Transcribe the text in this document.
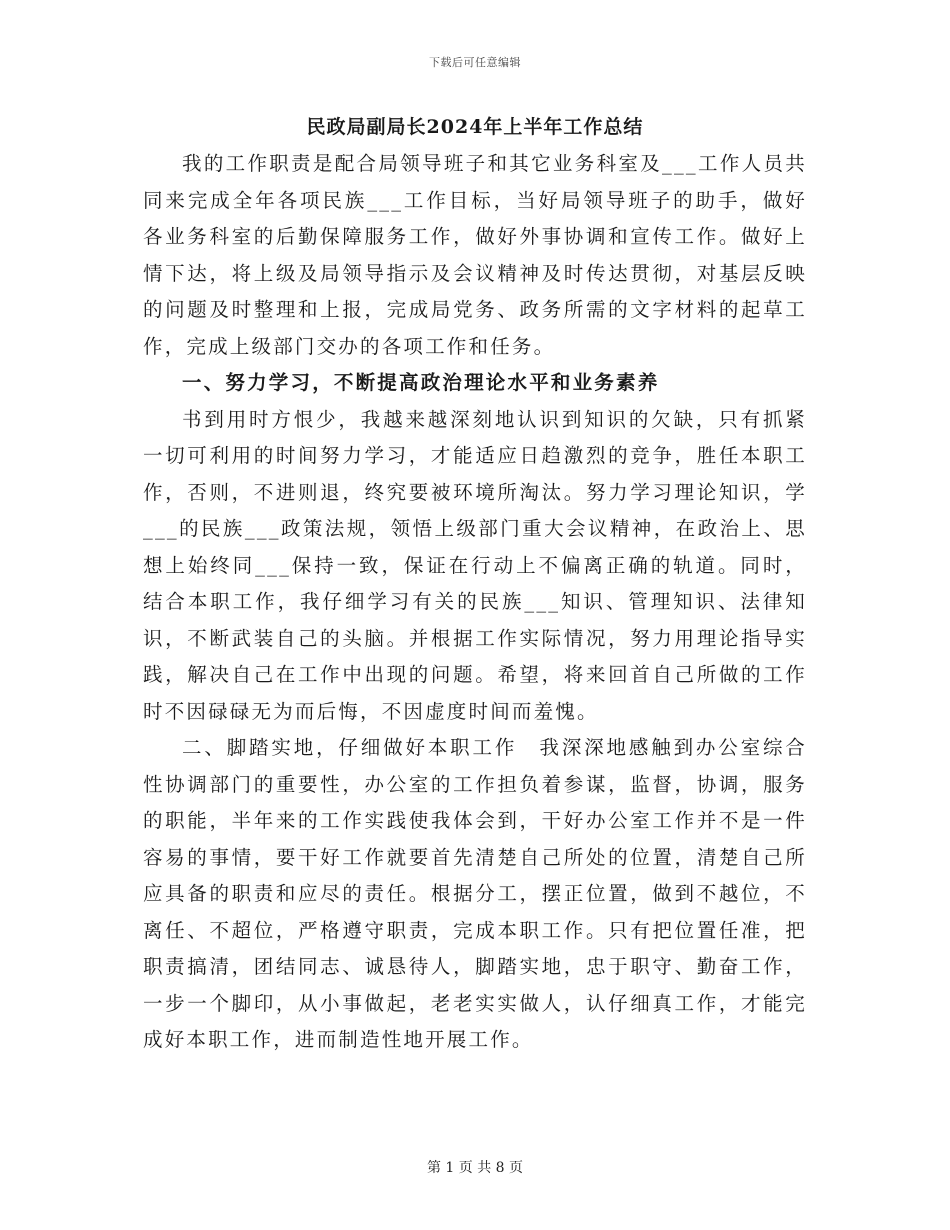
下载后可任意编辑
民政局副局长2024年上半年工作总结

我的工作职责是配合局领导班子和其它业务科室及___工作人员共同来完成全年各项民族___工作目标，当好局领导班子的助手，做好各业务科室的后勤保障服务工作，做好外事协调和宣传工作。做好上情下达，将上级及局领导指示及会议精神及时传达贯彻，对基层反映的问题及时整理和上报，完成局党务、政务所需的文字材料的起草工作，完成上级部门交办的各项工作和任务。

一、努力学习，不断提高政治理论水平和业务素养

书到用时方恨少，我越来越深刻地认识到知识的欠缺，只有抓紧一切可利用的时间努力学习，才能适应日趋激烈的竞争，胜任本职工作，否则，不进则退，终究要被环境所淘汰。努力学习理论知识，学___的民族___政策法规，领悟上级部门重大会议精神，在政治上、思想上始终同___保持一致，保证在行动上不偏离正确的轨道。同时，结合本职工作，我仔细学习有关的民族___知识、管理知识、法律知识，不断武装自己的头脑。并根据工作实际情况，努力用理论指导实践，解决自己在工作中出现的问题。希望，将来回首自己所做的工作时不因碌碌无为而后悔，不因虚度时间而羞愧。

二、脚踏实地，仔细做好本职工作　我深深地感触到办公室综合性协调部门的重要性，办公室的工作担负着参谋，监督，协调，服务的职能，半年来的工作实践使我体会到，干好办公室工作并不是一件容易的事情，要干好工作就要首先清楚自己所处的位置，清楚自己所应具备的职责和应尽的责任。根据分工，摆正位置，做到不越位，不离任、不超位，严格遵守职责，完成本职工作。只有把位置任准，把职责搞清，团结同志、诚恳待人，脚踏实地，忠于职守、勤奋工作，一步一个脚印，从小事做起，老老实实做人，认仔细真工作，才能完成好本职工作，进而制造性地开展工作。

第 1 页 共 8 页
